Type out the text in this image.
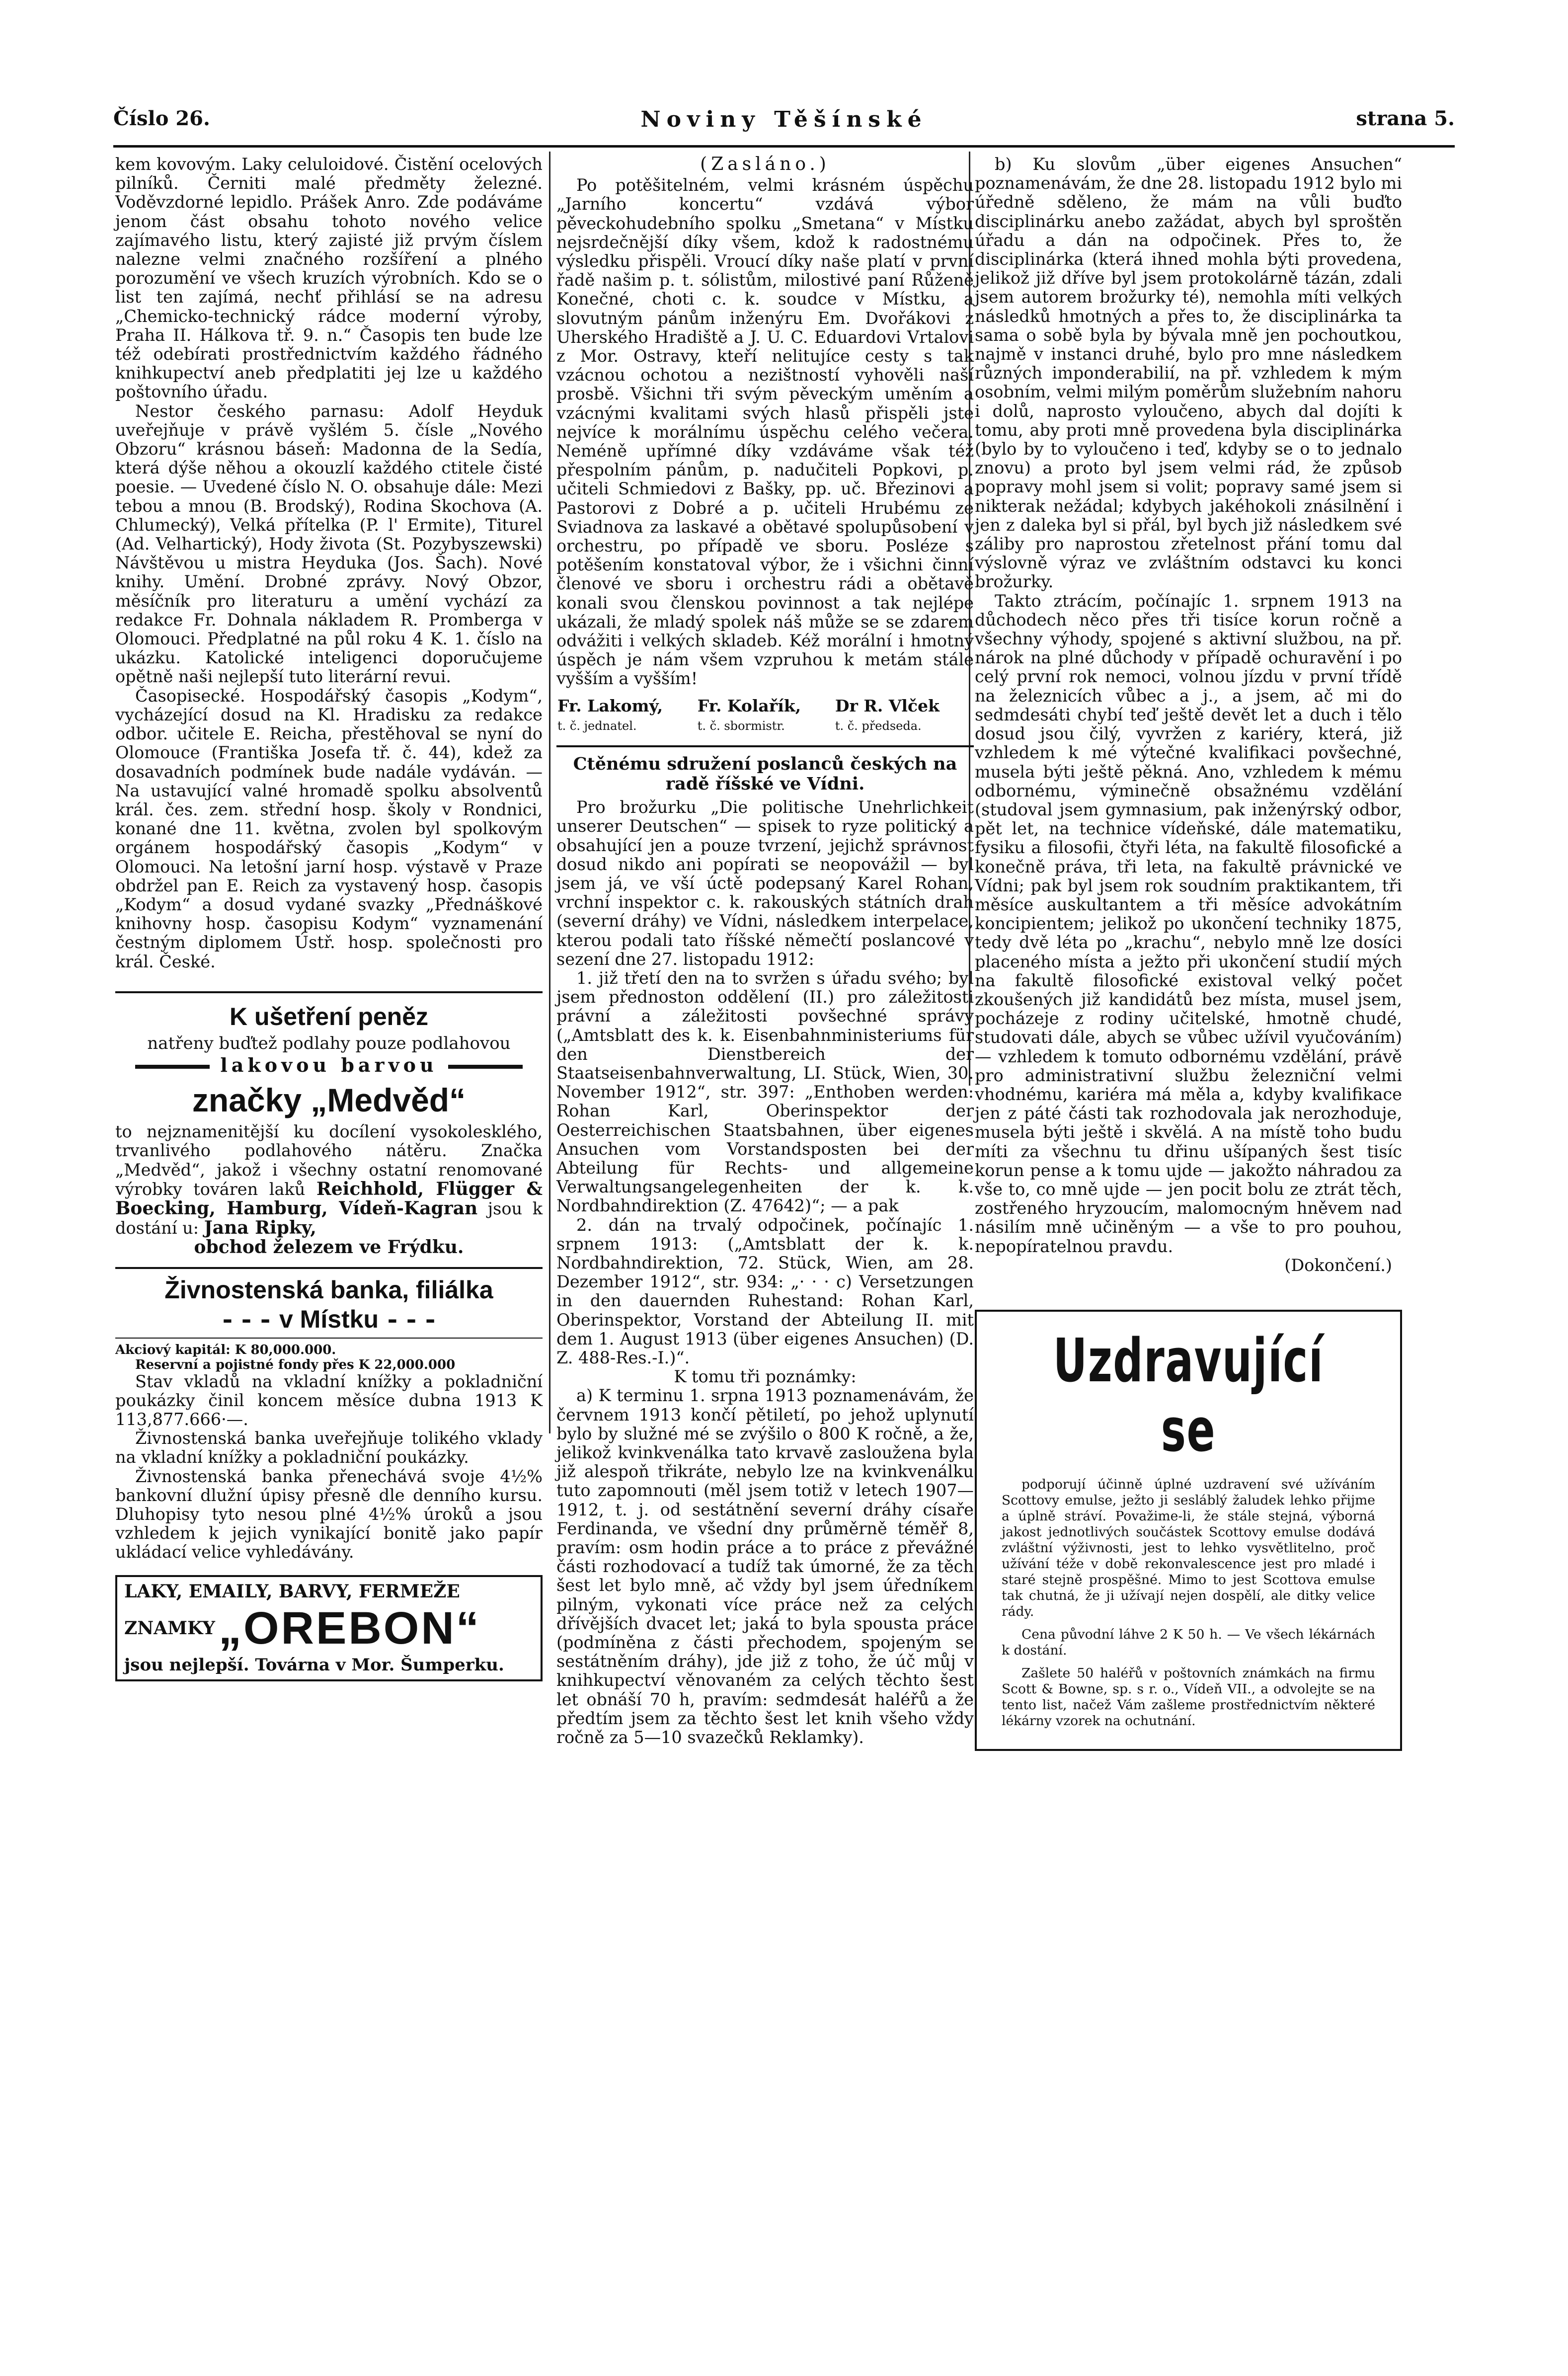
Číslo 26.	Noviny Těšínské	strana 5.

kem kovovým. Laky celuloidové. Čistění ocelových pilníků. Černiti malé předměty železné. Voděvzdorné lepidlo. Prášek Anro. Zde podáváme jenom část obsahu tohoto nového velice zajímavého listu, který zajisté již prvým číslem nalezne velmi značného rozšíření a plného porozumění ve všech kruzích výrobních. Kdo se o list ten zajímá, nechť přihlásí se na adresu „Chemicko-technický rádce moderní výroby, Praha II. Hálkova tř. 9. n.“ Časopis ten bude lze též odebírati prostřednictvím každého řádného knihkupectví aneb předplatiti jej lze u každého poštovního úřadu.

Nestor českého parnasu: Adolf Heyduk uveřejňuje v právě vyšlém 5. čísle „Nového Obzoru“ krásnou báseň: Madonna de la Sedía, která dýše něhou a okouzlí každého ctitele čisté poesie. — Uvedené číslo N. O. obsahuje dále: Mezi tebou a mnou (B. Brodský), Rodina Skochova (A. Chlumecký), Velká přítelka (P. l' Ermite), Titurel (Ad. Velhartický), Hody života (St. Pozybyszewski) Návštěvou u mistra Heyduka (Jos. Šach). Nové knihy. Umění. Drobné zprávy. Nový Obzor, měsíčník pro literaturu a umění vychází za redakce Fr. Dohnala nákladem R. Promberga v Olomouci. Předplatné na půl roku 4 K. 1. číslo na ukázku. Katolické inteligenci doporučujeme opětně naši nejlepší tuto literární revui.

Časopisecké. Hospodářský časopis „Kodym“, vycházející dosud na Kl. Hradisku za redakce odbor. učitele E. Reicha, přestěhoval se nyní do Olomouce (Františka Josefa tř. č. 44), kdež za dosavadních podmínek bude nadále vydáván. — Na ustavující valné hromadě spolku absolventů král. čes. zem. střední hosp. školy v Rondnici, konané dne 11. května, zvolen byl spolkovým orgánem hospodářský časopis „Kodym“ v Olomouci. Na letošní jarní hosp. výstavě v Praze obdržel pan E. Reich za vystavený hosp. časopis „Kodym“ a dosud vydané svazky „Přednáškové knihovny hosp. časopisu Kodym“ vyznamenání čestným diplomem Ústř. hosp. společnosti pro král. České.

K ušetření peněz
natřeny buďtež podlahy pouze podlahovou
lakovou barvou
značky „Medvěd“
to nejznamenitější ku docílení vysokolesklého, trvanlivého podlahového nátěru. Značka „Medvěd“, jakož i všechny ostatní renomované výrobky továren laků Reichhold, Flügger & Boecking, Hamburg, Vídeň-Kagran jsou k dostání u: Jana Ripky,
obchod železem ve Frýdku.
Živnostenská banka, filiálka
- - - v Místku - - -
Akciový kapitál: K 80,000.000.
Reservní a pojistné fondy přes K 22,000.000

Stav vkladů na vkladní knížky a pokladniční poukázky činil koncem měsíce dubna 1913 K 113,877.666·—.

Živnostenská banka uveřejňuje tolikého vklady na vkladní knížky a pokladniční poukázky.

Živnostenská banka přenechává svoje 4½% bankovní dlužní úpisy přesně dle denního kursu. Dluhopisy tyto nesou plné 4½% úroků a jsou vzhledem k jejich vynikající bonitě jako papír ukládací velice vyhledávány.

LAKY, EMAILY, BARVY, FERMEŽE
ZNAMKY „OREBON“
jsou nejlepší. Továrna v Mor. Šumperku.
(Zasláno.)

Po potěšitelném, velmi krásném úspěchu „Jarního koncertu“ vzdává výbor pěveckohudebního spolku „Smetana“ v Místku nejsrdečnější díky všem, kdož k radostnému výsledku přispěli. Vroucí díky naše platí v první řadě našim p. t. sólistům, milostivé paní Růženě Konečné, choti c. k. soudce v Místku, a slovutným pánům inženýru Em. Dvořákovi z Uherského Hradiště a J. U. C. Eduardovi Vrtalovi z Mor. Ostravy, kteří nelitujíce cesty s tak vzácnou ochotou a nezištností vyhověli naší prosbě. Všichni tři svým pěveckým uměním a vzácnými kvalitami svých hlasů přispěli jste nejvíce k morálnímu úspěchu celého večera. Neméně upřímné díky vzdáváme však též přespolním pánům, p. nadučiteli Popkovi, p. učiteli Schmiedovi z Bašky, pp. uč. Březinovi a Pastorovi z Dobré a p. učiteli Hrubému ze Sviadnova za laskavé a obětavé spolupůsobení v orchestru, po případě ve sboru. Posléze s potěšením konstatoval výbor, že i všichni činní členové ve sboru i orchestru rádi a obětavě konali svou členskou povinnost a tak nejlépe ukázali, že mladý spolek náš může se se zdarem odvážiti i velkých skladeb. Kéž morální i hmotný úspěch je nám všem vzpruhou k metám stále vyšším a vyšším!

Fr. Lakomý,	Fr. Kolařík,	Dr R. Vlček
t. č. jednatel.	t. č. sbormistr.	t. č. předseda.
Ctěnému sdružení poslanců českých na radě říšské ve Vídni.

Pro brožurku „Die politische Unehrlichkeit unserer Deutschen“ — spisek to ryze politický a obsahující jen a pouze tvrzení, jejichž správnost dosud nikdo ani popírati se neopovážil — byl jsem já, ve vší úctě podepsaný Karel Rohan, vrchní inspektor c. k. rakouských státních drah (severní dráhy) ve Vídni, následkem interpelace, kterou podali tato říšské němečtí poslancové v sezení dne 27. listopadu 1912:

1. již třetí den na to svržen s úřadu svého; byl jsem přednoston oddělení (II.) pro záležitosti právní a záležitosti povšechné správy („Amtsblatt des k. k. Eisenbahnministeriums für den Dienstbereich der Staatseisenbahnverwaltung, LI. Stück, Wien, 30. November 1912“, str. 397: „Enthoben werden: Rohan Karl, Oberinspektor der Oesterreichischen Staatsbahnen, über eigenes Ansuchen vom Vorstandsposten bei der Abteilung für Rechts- und allgemeine Verwaltungsangelegenheiten der k. k. Nordbahndirektion (Z. 47642)“; — a pak

2. dán na trvalý odpočinek, počínajíc 1. srpnem 1913: („Amtsblatt der k. k. Nordbahndirektion, 72. Stück, Wien, am 28. Dezember 1912“, str. 934: „· · · c) Versetzungen in den dauernden Ruhestand: Rohan Karl, Oberinspektor, Vorstand der Abteilung II. mit dem 1. August 1913 (über eigenes Ansuchen) (D. Z. 488-Res.-I.)“.

K tomu tři poznámky:

a) K terminu 1. srpna 1913 poznamenávám, že červnem 1913 končí pětiletí, po jehož uplynutí bylo by služné mé se zvýšilo o 800 K ročně, a že, jelikož kvinkvenálka tato krvavě zasloužena byla již alespoň třikráte, nebylo lze na kvinkvenálku tuto zapomnouti (měl jsem totiž v letech 1907—1912, t. j. od sestátnění severní dráhy císaře Ferdinanda, ve všední dny průměrně téměř 8, pravím: osm hodin práce a to práce z převážné části rozhodovací a tudíž tak úmorné, že za těch šest let bylo mně, ač vždy byl jsem úředníkem pilným, vykonati více práce než za celých dřívějších dvacet let; jaká to byla spousta práce (podmíněna z části přechodem, spojeným se sestátněním dráhy), jde již z toho, že úč můj v knihkupectví věnovaném za celých těchto šest let obnáší 70 h, pravím: sedmdesát haléřů a že předtím jsem za těchto šest let knih všeho vždy ročně za 5—10 svazečků Reklamky).

b) Ku slovům „über eigenes Ansuchen“ poznamenávám, že dne 28. listopadu 1912 bylo mi úředně sděleno, že mám na vůli buďto disciplinárku anebo zažádat, abych byl sproštěn úřadu a dán na odpočinek. Přes to, že disciplinárka (která ihned mohla býti provedena, jelikož již dříve byl jsem protokolárně tázán, zdali jsem autorem brožurky té), nemohla míti velkých následků hmotných a přes to, že disciplinárka ta sama o sobě byla by bývala mně jen pochoutkou, najmě v instanci druhé, bylo pro mne následkem různých imponderabilií, na př. vzhledem k mým osobním, velmi milým poměrům služebním nahoru i dolů, naprosto vyloučeno, abych dal dojíti k tomu, aby proti mně provedena byla disciplinárka (bylo by to vyloučeno i teď, kdyby se o to jednalo znovu) a proto byl jsem velmi rád, že způsob popravy mohl jsem si volit; popravy samé jsem si nikterak nežádal; kdybych jakéhokoli znásilnění i jen z daleka byl si přál, byl bych již následkem své záliby pro naprostou zřetelnost přání tomu dal výslovně výraz ve zvláštním odstavci ku konci brožurky.

Takto ztrácím, počínajíc 1. srpnem 1913 na důchodech něco přes tři tisíce korun ročně a všechny výhody, spojené s aktivní službou, na př. nárok na plné důchody v případě ochuravění i po celý první rok nemoci, volnou jízdu v první třídě na železnicích vůbec a j., a jsem, ač mi do sedmdesáti chybí teď ještě devět let a duch i tělo dosud jsou čilý, vyvržen z kariéry, která, již vzhledem k mé výtečné kvalifikaci povšechné, musela býti ještě pěkná. Ano, vzhledem k mému odbornému, výminečně obsažnému vzdělání (studoval jsem gymnasium, pak inženýrský odbor, pět let, na technice vídeňské, dále matematiku, fysiku a filosofii, čtyři léta, na fakultě filosofické a konečně práva, tři leta, na fakultě právnické ve Vídni; pak byl jsem rok soudním praktikantem, tři měsíce auskultantem a tři měsíce advokátním koncipientem; jelikož po ukončení techniky 1875, tedy dvě léta po „krachu“, nebylo mně lze dosíci placeného místa a ježto při ukončení studií mých na fakultě filosofické existoval velký počet zkoušených již kandidátů bez místa, musel jsem, pocházeje z rodiny učitelské, hmotně chudé, studovati dále, abych se vůbec užívil vyučováním) — vzhledem k tomuto odbornému vzdělání, právě pro administrativní službu železniční velmi vhodnému, kariéra má měla a, kdyby kvalifikace jen z páté části tak rozhodovala jak nerozhoduje, musela býti ještě i skvělá. A na místě toho budu míti za všechnu tu dřinu ušípaných šest tisíc korun pense a k tomu ujde — jakožto náhradou za vše to, co mně ujde — jen pocit bolu ze ztrát těch, zostřeného hryzoucím, malomocným hněvem nad násilím mně učiněným — a vše to pro pouhou, nepopíratelnou pravdu.

(Dokončení.)
Uzdravující se

podporují účinně úplné uzdravení své užíváním Scottovy emulse, ježto ji sesláblý žaludek lehko přijme a úplně stráví. Považime-li, že stále stejná, výborná jakost jednotlivých součástek Scottovy emulse dodává zvláštní výživnosti, jest to lehko vysvětlitelno, proč užívání téže v době rekonvalescence jest pro mladé i staré stejně prospěšné. Mimo to jest Scottova emulse tak chutná, že ji užívají nejen dospělí, ale ditky velice rády.

Cena původní láhve 2 K 50 h. — Ve všech lékárnách k dostání.

Zašlete 50 haléřů v poštovních známkách na firmu Scott & Bowne, sp. s r. o., Vídeň VII., a odvolejte se na tento list, načež Vám zašleme prostřednictvím některé lékárny vzorek na ochutnání.
